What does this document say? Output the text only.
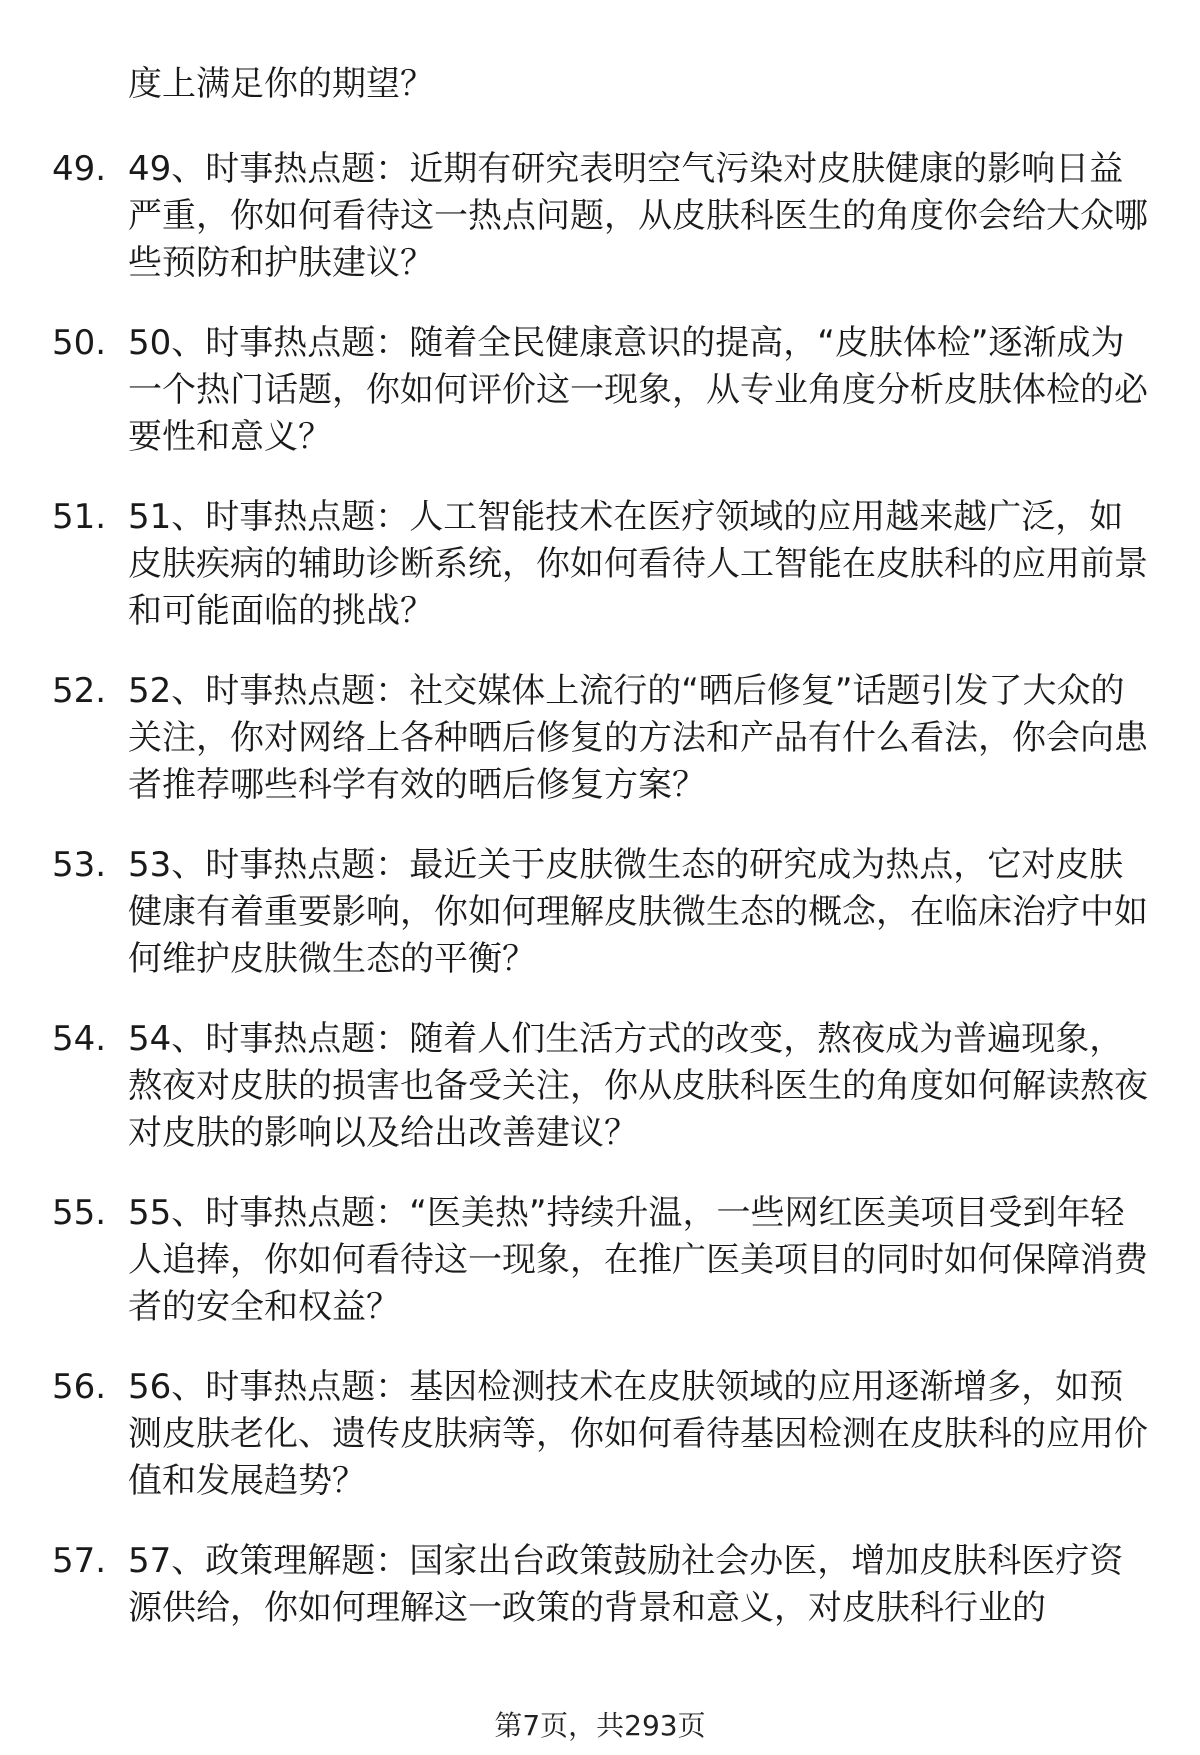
度上满足你的期望？
49. 49、时事热点题：近期有研究表明空气污染对皮肤健康的影响日益严重，你如何看待这一热点问题，从皮肤科医生的角度你会给大众哪些预防和护肤建议？
50. 50、时事热点题：随着全民健康意识的提高，“皮肤体检”逐渐成为一个热门话题，你如何评价这一现象，从专业角度分析皮肤体检的必要性和意义？
51. 51、时事热点题：人工智能技术在医疗领域的应用越来越广泛，如皮肤疾病的辅助诊断系统，你如何看待人工智能在皮肤科的应用前景和可能面临的挑战？
52. 52、时事热点题：社交媒体上流行的“晒后修复”话题引发了大众的关注，你对网络上各种晒后修复的方法和产品有什么看法，你会向患者推荐哪些科学有效的晒后修复方案？
53. 53、时事热点题：最近关于皮肤微生态的研究成为热点，它对皮肤健康有着重要影响，你如何理解皮肤微生态的概念，在临床治疗中如何维护皮肤微生态的平衡？
54. 54、时事热点题：随着人们生活方式的改变，熬夜成为普遍现象，熬夜对皮肤的损害也备受关注，你从皮肤科医生的角度如何解读熬夜对皮肤的影响以及给出改善建议？
55. 55、时事热点题：“医美热”持续升温，一些网红医美项目受到年轻人追捧，你如何看待这一现象，在推广医美项目的同时如何保障消费者的安全和权益？
56. 56、时事热点题：基因检测技术在皮肤领域的应用逐渐增多，如预测皮肤老化、遗传皮肤病等，你如何看待基因检测在皮肤科的应用价值和发展趋势？
57. 57、政策理解题：国家出台政策鼓励社会办医，增加皮肤科医疗资源供给，你如何理解这一政策的背景和意义，对皮肤科行业的
第7页，共293页
